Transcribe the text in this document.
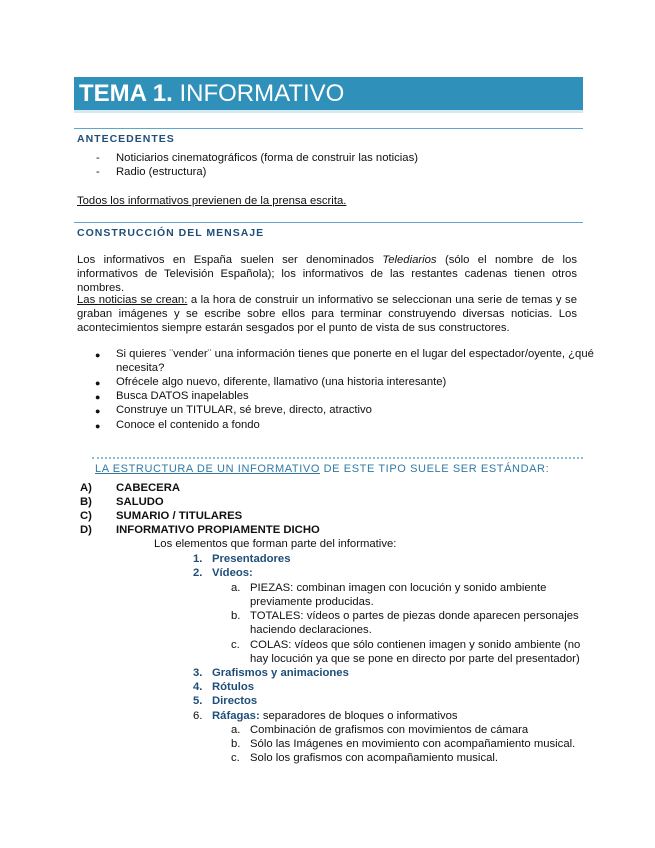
TEMA 1. INFORMATIVO
ANTECEDENTES
- Noticiarios cinematográficos (forma de construir las noticias)
- Radio (estructura)
Todos los informativos previenen de la prensa escrita.
CONSTRUCCIÓN DEL MENSAJE
Los informativos en España suelen ser denominados Telediarios (sólo el nombre de los informativos de Televisión Española); los informativos de las restantes cadenas tienen otros nombres.
Las noticias se crean: a la hora de construir un informativo se seleccionan una serie de temas y se graban imágenes y se escribe sobre ellos para terminar construyendo diversas noticias. Los acontecimientos siempre estarán sesgados por el punto de vista de sus constructores.
● Si quieres ¨vender¨ una información tienes que ponerte en el lugar del espectador/oyente, ¿qué
necesita?
● Ofrécele algo nuevo, diferente, llamativo (una historia interesante)
● Busca DATOS inapelables
● Construye un TITULAR, sé breve, directo, atractivo
● Conoce el contenido a fondo
LA ESTRUCTURA DE UN INFORMATIVO DE ESTE TIPO SUELE SER ESTÁNDAR:
A) CABECERA
B) SALUDO
C) SUMARIO / TITULARES
D) INFORMATIVO PROPIAMENTE DICHO
Los elementos que forman parte del informative:
1. Presentadores
2. Vídeos:
a. PIEZAS: combinan imagen con locución y sonido ambiente
previamente producidas.
b. TOTALES: vídeos o partes de piezas donde aparecen personajes
haciendo declaraciones.
c. COLAS: vídeos que sólo contienen imagen y sonido ambiente (no
hay locución ya que se pone en directo por parte del presentador)
3. Grafismos y animaciones
4. Rótulos
5. Directos
6. Ráfagas: separadores de bloques o informativos
a. Combinación de grafismos con movimientos de cámara
b. Sólo las Imágenes en movimiento con acompañamiento musical.
c. Solo los grafismos con acompañamiento musical.
